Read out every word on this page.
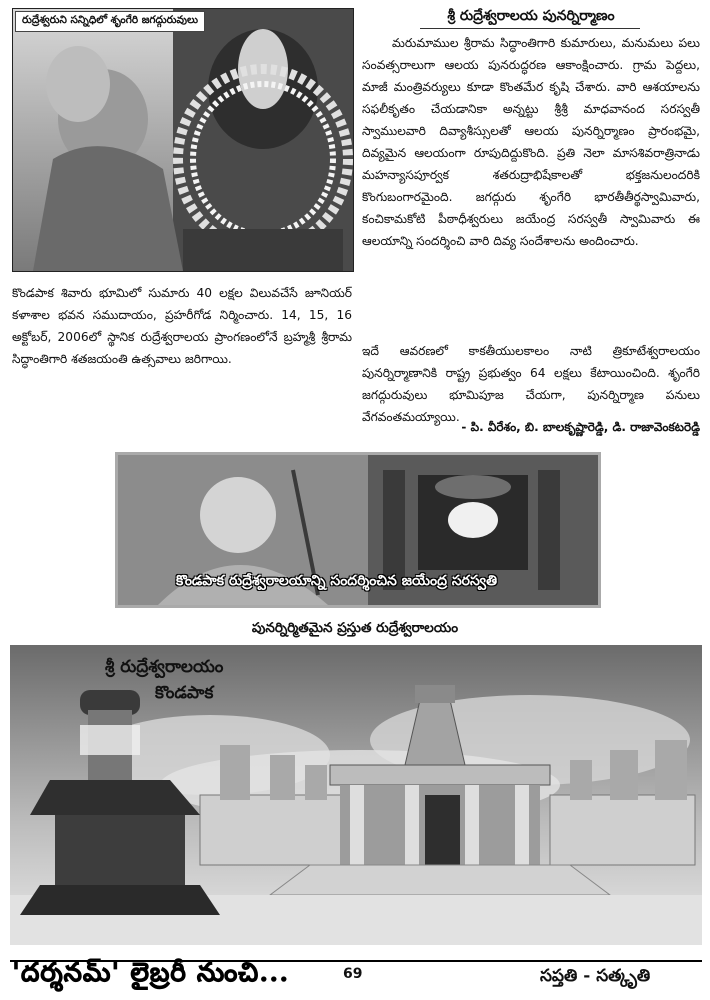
రుద్రేశ్వరుని సన్నిధిలో శృంగేరి జగద్గురువులు

కొండపాక శివారు భూమిలో సుమారు 40 లక్షల విలువచేసే జూనియర్ కళాశాల భవన సముదాయం, ప్రహరీగోడ నిర్మించారు. 14, 15, 16 అక్టోబర్, 2006లో స్థానిక రుద్రేశ్వరాలయ ప్రాంగణంలోనే బ్రహ్మశ్రీ శ్రీరామ సిద్ధాంతిగారి శతజయంతి ఉత్సవాలు జరిగాయి.

శ్రీ రుద్రేశ్వరాలయ పునర్నిర్మాణం

మరుమాముల శ్రీరామ సిద్ధాంతిగారి కుమారులు, మనుమలు పలు సంవత్సరాలుగా ఆలయ పునరుద్ధరణ ఆకాంక్షించారు. గ్రామ పెద్దలు, మాజీ మంత్రివర్యులు కూడా కొంతమేర కృషి చేశారు. వారి ఆశయాలను సఫలీకృతం చేయడానికా అన్నట్టు శ్రీశ్రీ మాధవానంద సరస్వతీ స్వాములవారి దివ్యాశీస్సులతో ఆలయ పునర్నిర్మాణం ప్రారంభమై, దివ్యమైన ఆలయంగా రూపుదిద్దుకొంది. ప్రతి నెలా మాసశివరాత్రినాడు మహన్యాసపూర్వక శతరుద్రాభిషేకాలతో భక్తజనులందరికి కొంగుబంగారమైంది. జగద్గురు శృంగేరి భారతీతీర్థస్వామివారు, కంచికామకోటి పీఠాధీశ్వరులు జయేంద్ర సరస్వతీ స్వామివారు ఈ ఆలయాన్ని సందర్శించి వారి దివ్య సందేశాలను అందించారు.

ఇదే ఆవరణలో కాకతీయులకాలం నాటి త్రికూటేశ్వరాలయం పునర్నిర్మాణానికి రాష్ట్ర ప్రభుత్వం 64 లక్షలు కేటాయించింది. శృంగేరి జగద్గురువులు భూమిపూజ చేయగా, పునర్నిర్మాణ పనులు వేగవంతమయ్యాయి.

- పి. వీరేశం, బి. బాలకృష్ణారెడ్డి, డి. రాజావెంకటరెడ్డి
కొండపాక రుద్రేశ్వరాలయాన్ని సందర్శించిన జయేంద్ర సరస్వతి
పునర్నిర్మితమైన ప్రస్తుత రుద్రేశ్వరాలయం
శ్రీ రుద్రేశ్వరాలయం
కొండపాక
'దర్శనమ్' లైబ్రరీ నుంచి...	69	సప్తతి - సత్కృతి
